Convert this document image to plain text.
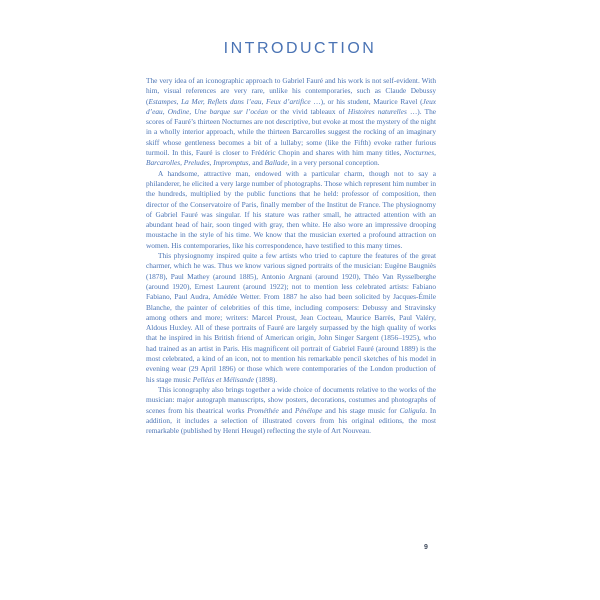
INTRODUCTION

The very idea of an iconographic approach to Gabriel Fauré and his work is not self-evident. With him, visual references are very rare, unlike his contemporaries, such as Claude Debussy (Estampes, La Mer, Reflets dans l’eau, Feux d’artifice …), or his student, Maurice Ravel (Jeux d’eau, Ondine, Une barque sur l’océan or the vivid tableaux of Histoires naturelles …). The scores of Fauré’s thirteen Nocturnes are not descriptive, but evoke at most the mystery of the night in a wholly interior approach, while the thirteen Barcarolles suggest the rocking of an imaginary skiff whose gentleness becomes a bit of a lullaby; some (like the Fifth) evoke rather furious turmoil. In this, Fauré is closer to Frédéric Chopin and shares with him many titles, Nocturnes, Barcarolles, Preludes, Impromptus, and Ballade, in a very personal conception.

A handsome, attractive man, endowed with a particular charm, though not to say a philanderer, he elicited a very large number of photographs. Those which represent him number in the hundreds, multiplied by the public functions that he held: professor of composition, then director of the Conservatoire of Paris, finally member of the Institut de France. The physiognomy of Gabriel Fauré was singular. If his stature was rather small, he attracted attention with an abundant head of hair, soon tinged with gray, then white. He also wore an impressive drooping moustache in the style of his time. We know that the musician exerted a profound attraction on women. His contemporaries, like his correspondence, have testified to this many times.

This physiognomy inspired quite a few artists who tried to capture the features of the great charmer, which he was. Thus we know various signed portraits of the musician: Eugène Baugniès (1878), Paul Mathey (around 1885), Antonio Argnani (around 1920), Théo Van Rysselberghe (around 1920), Ernest Laurent (around 1922); not to mention less celebrated artists: Fabiano Fabiano, Paul Audra, Amédée Wetter. From 1887 he also had been solicited by Jacques-Émile Blanche, the painter of celebrities of this time, including composers: Debussy and Stravinsky among others and more; writers: Marcel Proust, Jean Cocteau, Maurice Barrès, Paul Valéry, Aldous Huxley. All of these portraits of Fauré are largely surpassed by the high quality of works that he inspired in his British friend of American origin, John Singer Sargent (1856–1925), who had trained as an artist in Paris. His magnificent oil portrait of Gabriel Fauré (around 1889) is the most celebrated, a kind of an icon, not to mention his remarkable pencil sketches of his model in evening wear (29 April 1896) or those which were contemporaries of the London production of his stage music Pelléas et Mélisande (1898).

This iconography also brings together a wide choice of documents relative to the works of the musician: major autograph manuscripts, show posters, decorations, costumes and photographs of scenes from his theatrical works Prométhée and Pénélope and his stage music for Caligula. In addition, it includes a selection of illustrated covers from his original editions, the most remarkable (published by Henri Heugel) reflecting the style of Art Nouveau.

9
